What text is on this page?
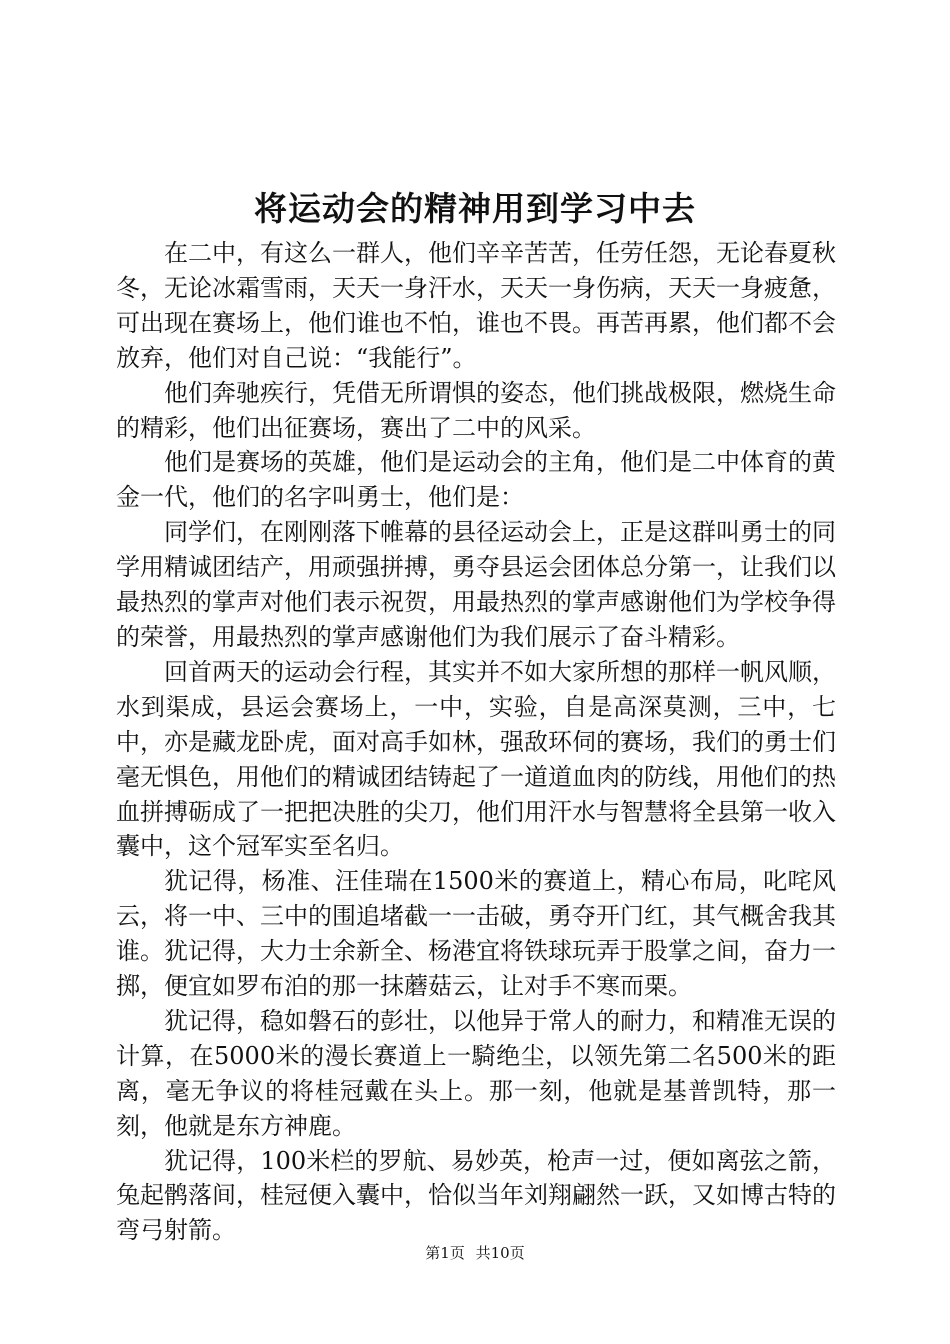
将运动会的精神用到学习中去

在二中，有这么一群人，他们辛辛苦苦，任劳任怨，无论春夏秋冬，无论冰霜雪雨，天天一身汗水，天天一身伤病，天天一身疲惫，可出现在赛场上，他们谁也不怕，谁也不畏。再苦再累，他们都不会放弃，他们对自己说：“我能行”。

他们奔驰疾行，凭借无所谓惧的姿态，他们挑战极限，燃烧生命的精彩，他们出征赛场，赛出了二中的风采。

他们是赛场的英雄，他们是运动会的主角，他们是二中体育的黄金一代，他们的名字叫勇士，他们是：

同学们，在刚刚落下帷幕的县径运动会上，正是这群叫勇士的同学用精诚团结产，用顽强拼搏，勇夺县运会团体总分第一，让我们以最热烈的掌声对他们表示祝贺，用最热烈的掌声感谢他们为学校争得的荣誉，用最热烈的掌声感谢他们为我们展示了奋斗精彩。

回首两天的运动会行程，其实并不如大家所想的那样一帆风顺，水到渠成，县运会赛场上，一中，实验，自是高深莫测，三中，七中，亦是藏龙卧虎，面对高手如林，强敌环伺的赛场，我们的勇士们毫无惧色，用他们的精诚团结铸起了一道道血肉的防线，用他们的热血拼搏砺成了一把把决胜的尖刀，他们用汗水与智慧将全县第一收入囊中，这个冠军实至名归。

犹记得，杨准、汪佳瑞在1500米的赛道上，精心布局，叱咤风云，将一中、三中的围追堵截一一击破，勇夺开门红，其气概舍我其谁。犹记得，大力士余新全、杨港宜将铁球玩弄于股掌之间，奋力一掷，便宜如罗布泊的那一抹蘑菇云，让对手不寒而栗。

犹记得，稳如磐石的彭壮，以他异于常人的耐力，和精准无误的计算，在5000米的漫长赛道上一騎绝尘，以领先第二名500米的距离，毫无争议的将桂冠戴在头上。那一刻，他就是基普凯特，那一刻，他就是东方神鹿。

犹记得，100米栏的罗航、易妙英，枪声一过，便如离弦之箭，兔起鹘落间，桂冠便入囊中，恰似当年刘翔翩然一跃，又如博古特的弯弓射箭。

第1页 共10页
